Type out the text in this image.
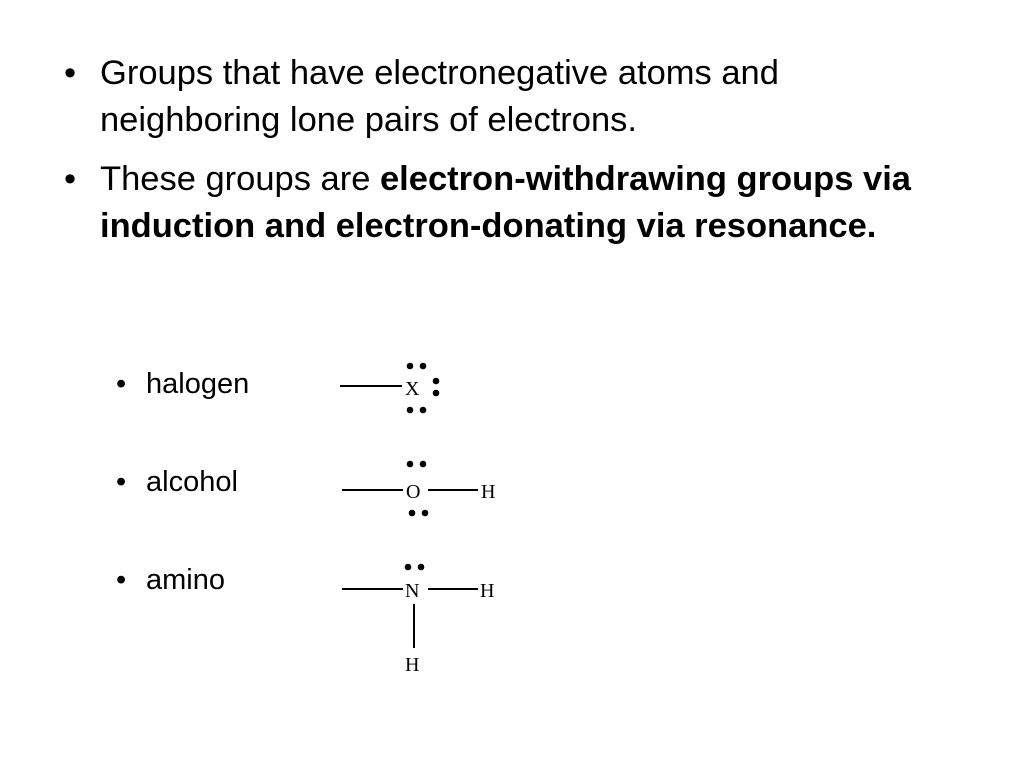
• Groups that have electronegative atoms and neighboring lone pairs of electrons.
• These groups are electron-withdrawing groups via induction and electron-donating via resonance.
• halogen
• alcohol
• amino
X
O	H
N	H
H
